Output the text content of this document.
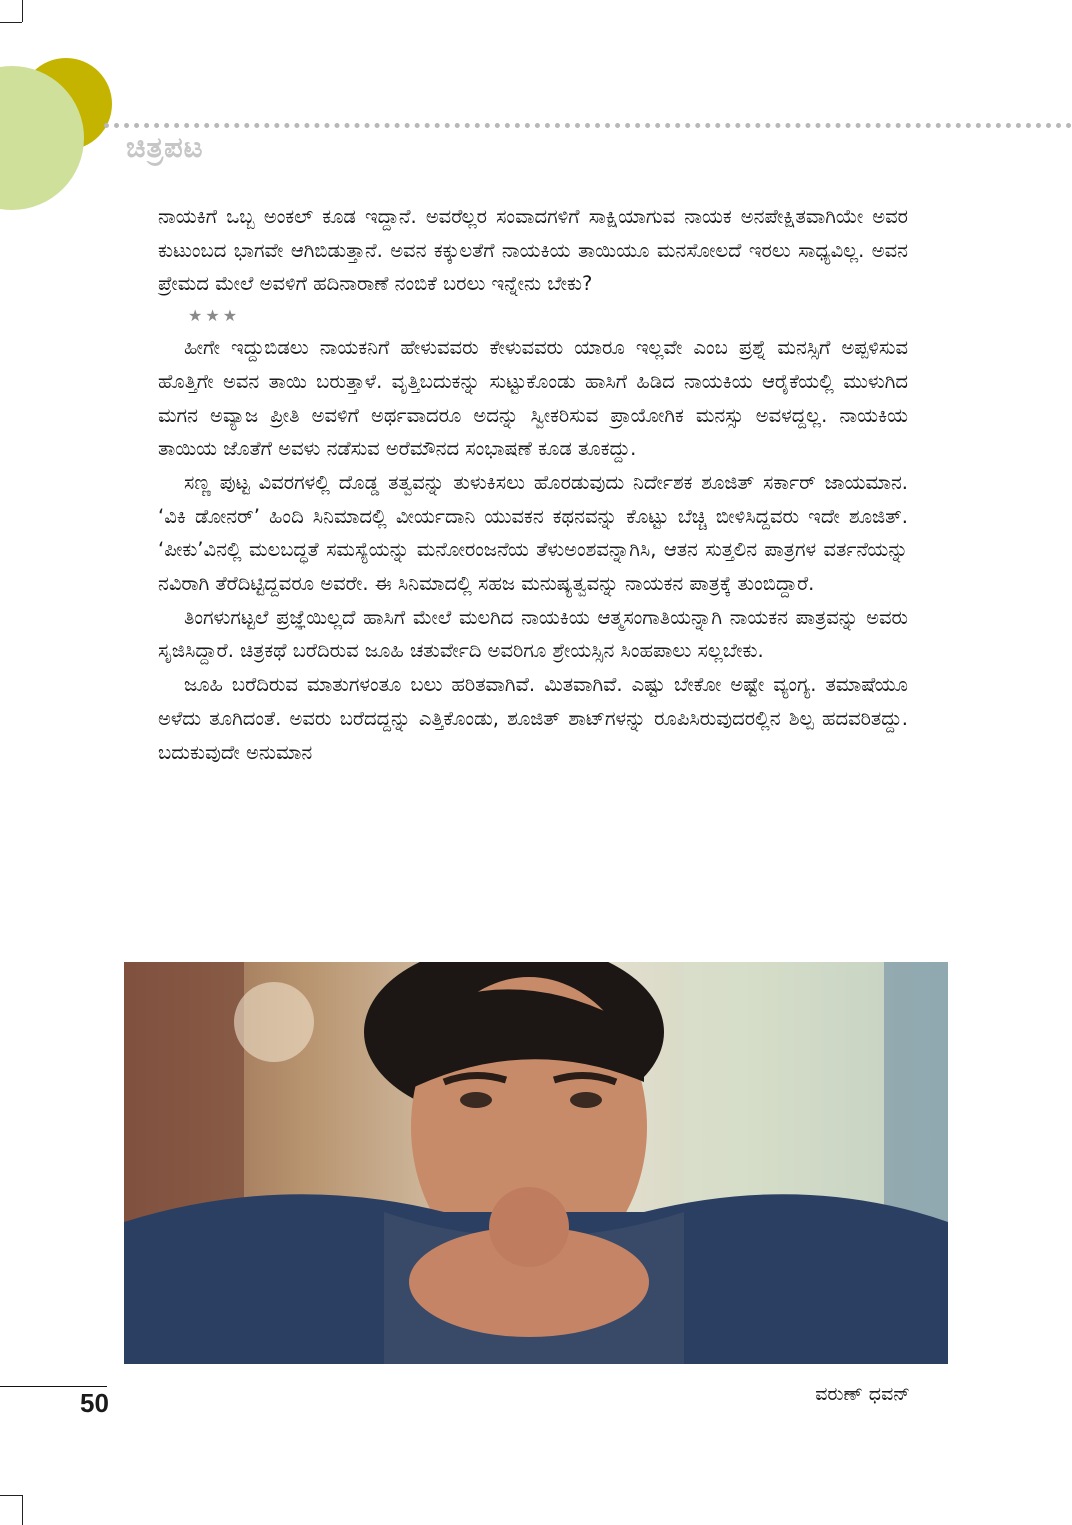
ಚಿತ್ರಪಟ

ನಾಯಕಿಗೆ ಒಬ್ಬ ಅಂಕಲ್ ಕೂಡ ಇದ್ದಾನೆ. ಅವರೆಲ್ಲರ ಸಂವಾದಗಳಿಗೆ ಸಾಕ್ಷಿಯಾಗುವ ನಾಯಕ ಅನಪೇಕ್ಷಿತವಾಗಿಯೇ ಅವರ ಕುಟುಂಬದ ಭಾಗವೇ ಆಗಿಬಿಡುತ್ತಾನೆ. ಅವನ ಕಕ್ಕುಲತೆಗೆ ನಾಯಕಿಯ ತಾಯಿಯೂ ಮನಸೋಲದೆ ಇರಲು ಸಾಧ್ಯವಿಲ್ಲ. ಅವನ ಪ್ರೇಮದ ಮೇಲೆ ಅವಳಿಗೆ ಹದಿನಾರಾಣೆ ನಂಬಿಕೆ ಬರಲು ಇನ್ನೇನು ಬೇಕು?

★★★

ಹೀಗೇ ಇದ್ದುಬಿಡಲು ನಾಯಕನಿಗೆ ಹೇಳುವವರು ಕೇಳುವವರು ಯಾರೂ ಇಲ್ಲವೇ ಎಂಬ ಪ್ರಶ್ನೆ ಮನಸ್ಸಿಗೆ ಅಪ್ಪಳಿಸುವ ಹೊತ್ತಿಗೇ ಅವನ ತಾಯಿ ಬರುತ್ತಾಳೆ. ವೃತ್ತಿಬದುಕನ್ನು ಸುಟ್ಟುಕೊಂಡು ಹಾಸಿಗೆ ಹಿಡಿದ ನಾಯಕಿಯ ಆರೈಕೆಯಲ್ಲಿ ಮುಳುಗಿದ ಮಗನ ಅವ್ಯಾಜ ಪ್ರೀತಿ ಅವಳಿಗೆ ಅರ್ಥವಾದರೂ ಅದನ್ನು ಸ್ವೀಕರಿಸುವ ಪ್ರಾಯೋಗಿಕ ಮನಸ್ಸು ಅವಳದ್ದಲ್ಲ. ನಾಯಕಿಯ ತಾಯಿಯ ಜೊತೆಗೆ ಅವಳು ನಡೆಸುವ ಅರೆಮೌನದ ಸಂಭಾಷಣೆ ಕೂಡ ತೂಕದ್ದು.

ಸಣ್ಣ ಪುಟ್ಟ ವಿವರಗಳಲ್ಲಿ ದೊಡ್ಡ ತತ್ವವನ್ನು ತುಳುಕಿಸಲು ಹೊರಡುವುದು ನಿರ್ದೇಶಕ ಶೂಜಿತ್ ಸರ್ಕಾರ್ ಜಾಯಮಾನ. ‘ವಿಕಿ ಡೋನರ್’ ಹಿಂದಿ ಸಿನಿಮಾದಲ್ಲಿ ವೀರ್ಯದಾನಿ ಯುವಕನ ಕಥನವನ್ನು ಕೊಟ್ಟು ಬೆಚ್ಚಿ ಬೀಳಿಸಿದ್ದವರು ಇದೇ ಶೂಜಿತ್. ‘ಪೀಕು’ವಿನಲ್ಲಿ ಮಲಬದ್ಧತೆ ಸಮಸ್ಯೆಯನ್ನು ಮನೋರಂಜನೆಯ ತೆಳುಅಂಶವನ್ನಾಗಿಸಿ, ಆತನ ಸುತ್ತಲಿನ ಪಾತ್ರಗಳ ವರ್ತನೆಯನ್ನು ನವಿರಾಗಿ ತೆರೆದಿಟ್ಟಿದ್ದವರೂ ಅವರೇ. ಈ ಸಿನಿಮಾದಲ್ಲಿ ಸಹಜ ಮನುಷ್ಯತ್ವವನ್ನು ನಾಯಕನ ಪಾತ್ರಕ್ಕೆ ತುಂಬಿದ್ದಾರೆ.

ತಿಂಗಳುಗಟ್ಟಲೆ ಪ್ರಜ್ಞೆಯಿಲ್ಲದೆ ಹಾಸಿಗೆ ಮೇಲೆ ಮಲಗಿದ ನಾಯಕಿಯ ಆತ್ಮಸಂಗಾತಿಯನ್ನಾಗಿ ನಾಯಕನ ಪಾತ್ರವನ್ನು ಅವರು ಸೃಜಿಸಿದ್ದಾರೆ. ಚಿತ್ರಕಥೆ ಬರೆದಿರುವ ಜೂಹಿ ಚತುರ್ವೇದಿ ಅವರಿಗೂ ಶ್ರೇಯಸ್ಸಿನ ಸಿಂಹಪಾಲು ಸಲ್ಲಬೇಕು.

ಜೂಹಿ ಬರೆದಿರುವ ಮಾತುಗಳಂತೂ ಬಲು ಹರಿತವಾಗಿವೆ. ಮಿತವಾಗಿವೆ. ಎಷ್ಟು ಬೇಕೋ ಅಷ್ಟೇ ವ್ಯಂಗ್ಯ. ತಮಾಷೆಯೂ ಅಳೆದು ತೂಗಿದಂತೆ. ಅವರು ಬರೆದದ್ದನ್ನು ಎತ್ತಿಕೊಂಡು, ಶೂಜಿತ್ ಶಾಟ್‌ಗಳನ್ನು ರೂಪಿಸಿರುವುದರಲ್ಲಿನ ಶಿಲ್ಪ ಹದವರಿತದ್ದು. ಬದುಕುವುದೇ ಅನುಮಾನ

ವರುಣ್ ಧವನ್

50
